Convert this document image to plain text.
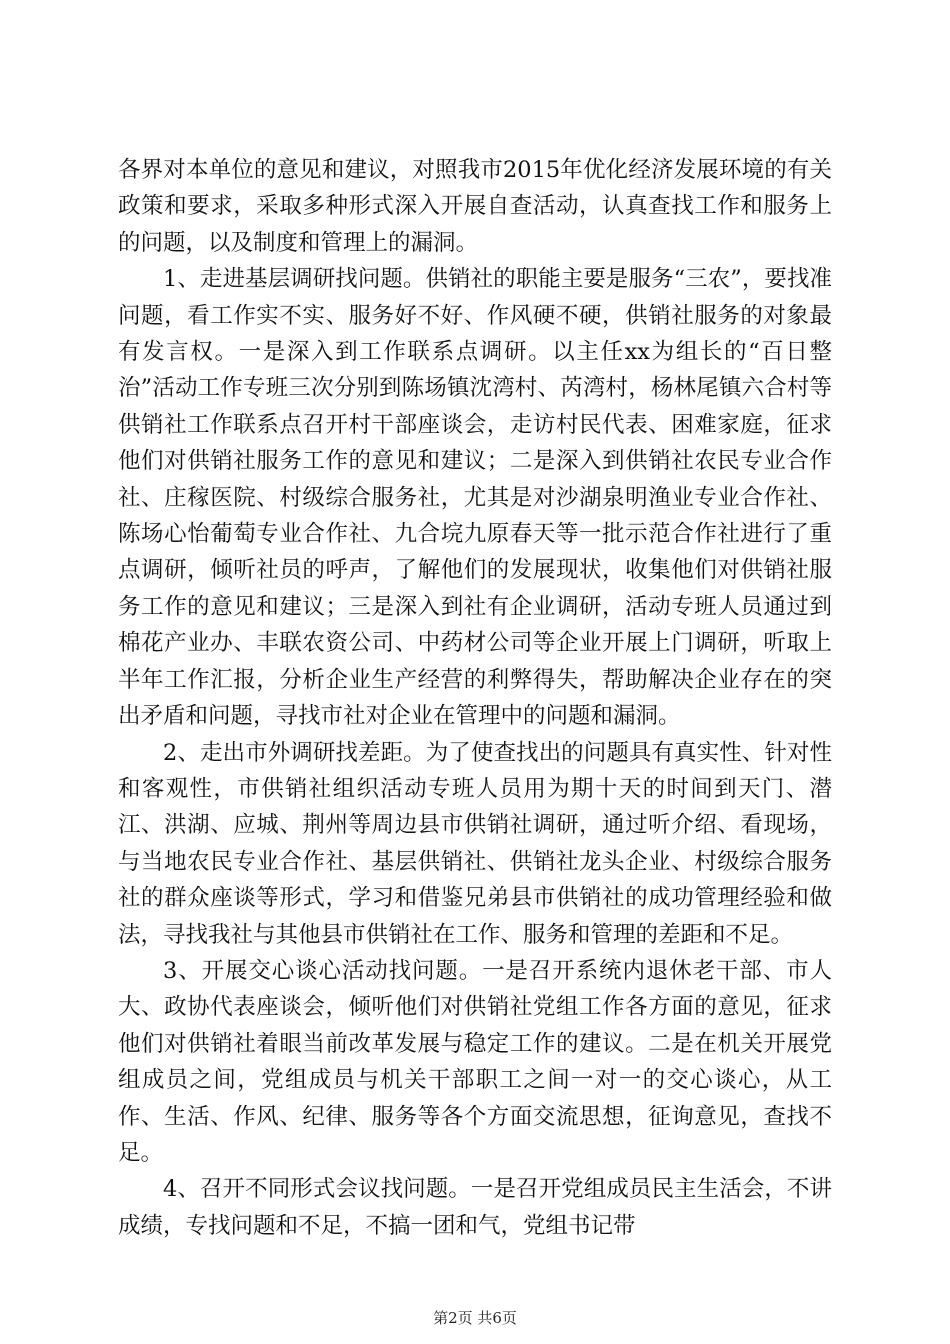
各界对本单位的意见和建议，对照我市2015年优化经济发展环境的有关政策和要求，采取多种形式深入开展自查活动，认真查找工作和服务上的问题，以及制度和管理上的漏洞。

1、走进基层调研找问题。供销社的职能主要是服务“三农”，要找准问题，看工作实不实、服务好不好、作风硬不硬，供销社服务的对象最有发言权。一是深入到工作联系点调研。以主任xx为组长的“百日整治”活动工作专班三次分别到陈场镇沈湾村、芮湾村，杨林尾镇六合村等供销社工作联系点召开村干部座谈会，走访村民代表、困难家庭，征求他们对供销社服务工作的意见和建议；二是深入到供销社农民专业合作社、庄稼医院、村级综合服务社，尤其是对沙湖泉明渔业专业合作社、陈场心怡葡萄专业合作社、九合垸九原春天等一批示范合作社进行了重点调研，倾听社员的呼声，了解他们的发展现状，收集他们对供销社服务工作的意见和建议；三是深入到社有企业调研，活动专班人员通过到棉花产业办、丰联农资公司、中药材公司等企业开展上门调研，听取上半年工作汇报，分析企业生产经营的利弊得失，帮助解决企业存在的突出矛盾和问题，寻找市社对企业在管理中的问题和漏洞。

2、走出市外调研找差距。为了使查找出的问题具有真实性、针对性和客观性，市供销社组织活动专班人员用为期十天的时间到天门、潜江、洪湖、应城、荆州等周边县市供销社调研，通过听介绍、看现场，与当地农民专业合作社、基层供销社、供销社龙头企业、村级综合服务社的群众座谈等形式，学习和借鉴兄弟县市供销社的成功管理经验和做法，寻找我社与其他县市供销社在工作、服务和管理的差距和不足。

3、开展交心谈心活动找问题。一是召开系统内退休老干部、市人大、政协代表座谈会，倾听他们对供销社党组工作各方面的意见，征求他们对供销社着眼当前改革发展与稳定工作的建议。二是在机关开展党组成员之间，党组成员与机关干部职工之间一对一的交心谈心，从工作、生活、作风、纪律、服务等各个方面交流思想，征询意见，查找不足。

4、召开不同形式会议找问题。一是召开党组成员民主生活会，不讲成绩，专找问题和不足，不搞一团和气，党组书记带

第2页 共6页
